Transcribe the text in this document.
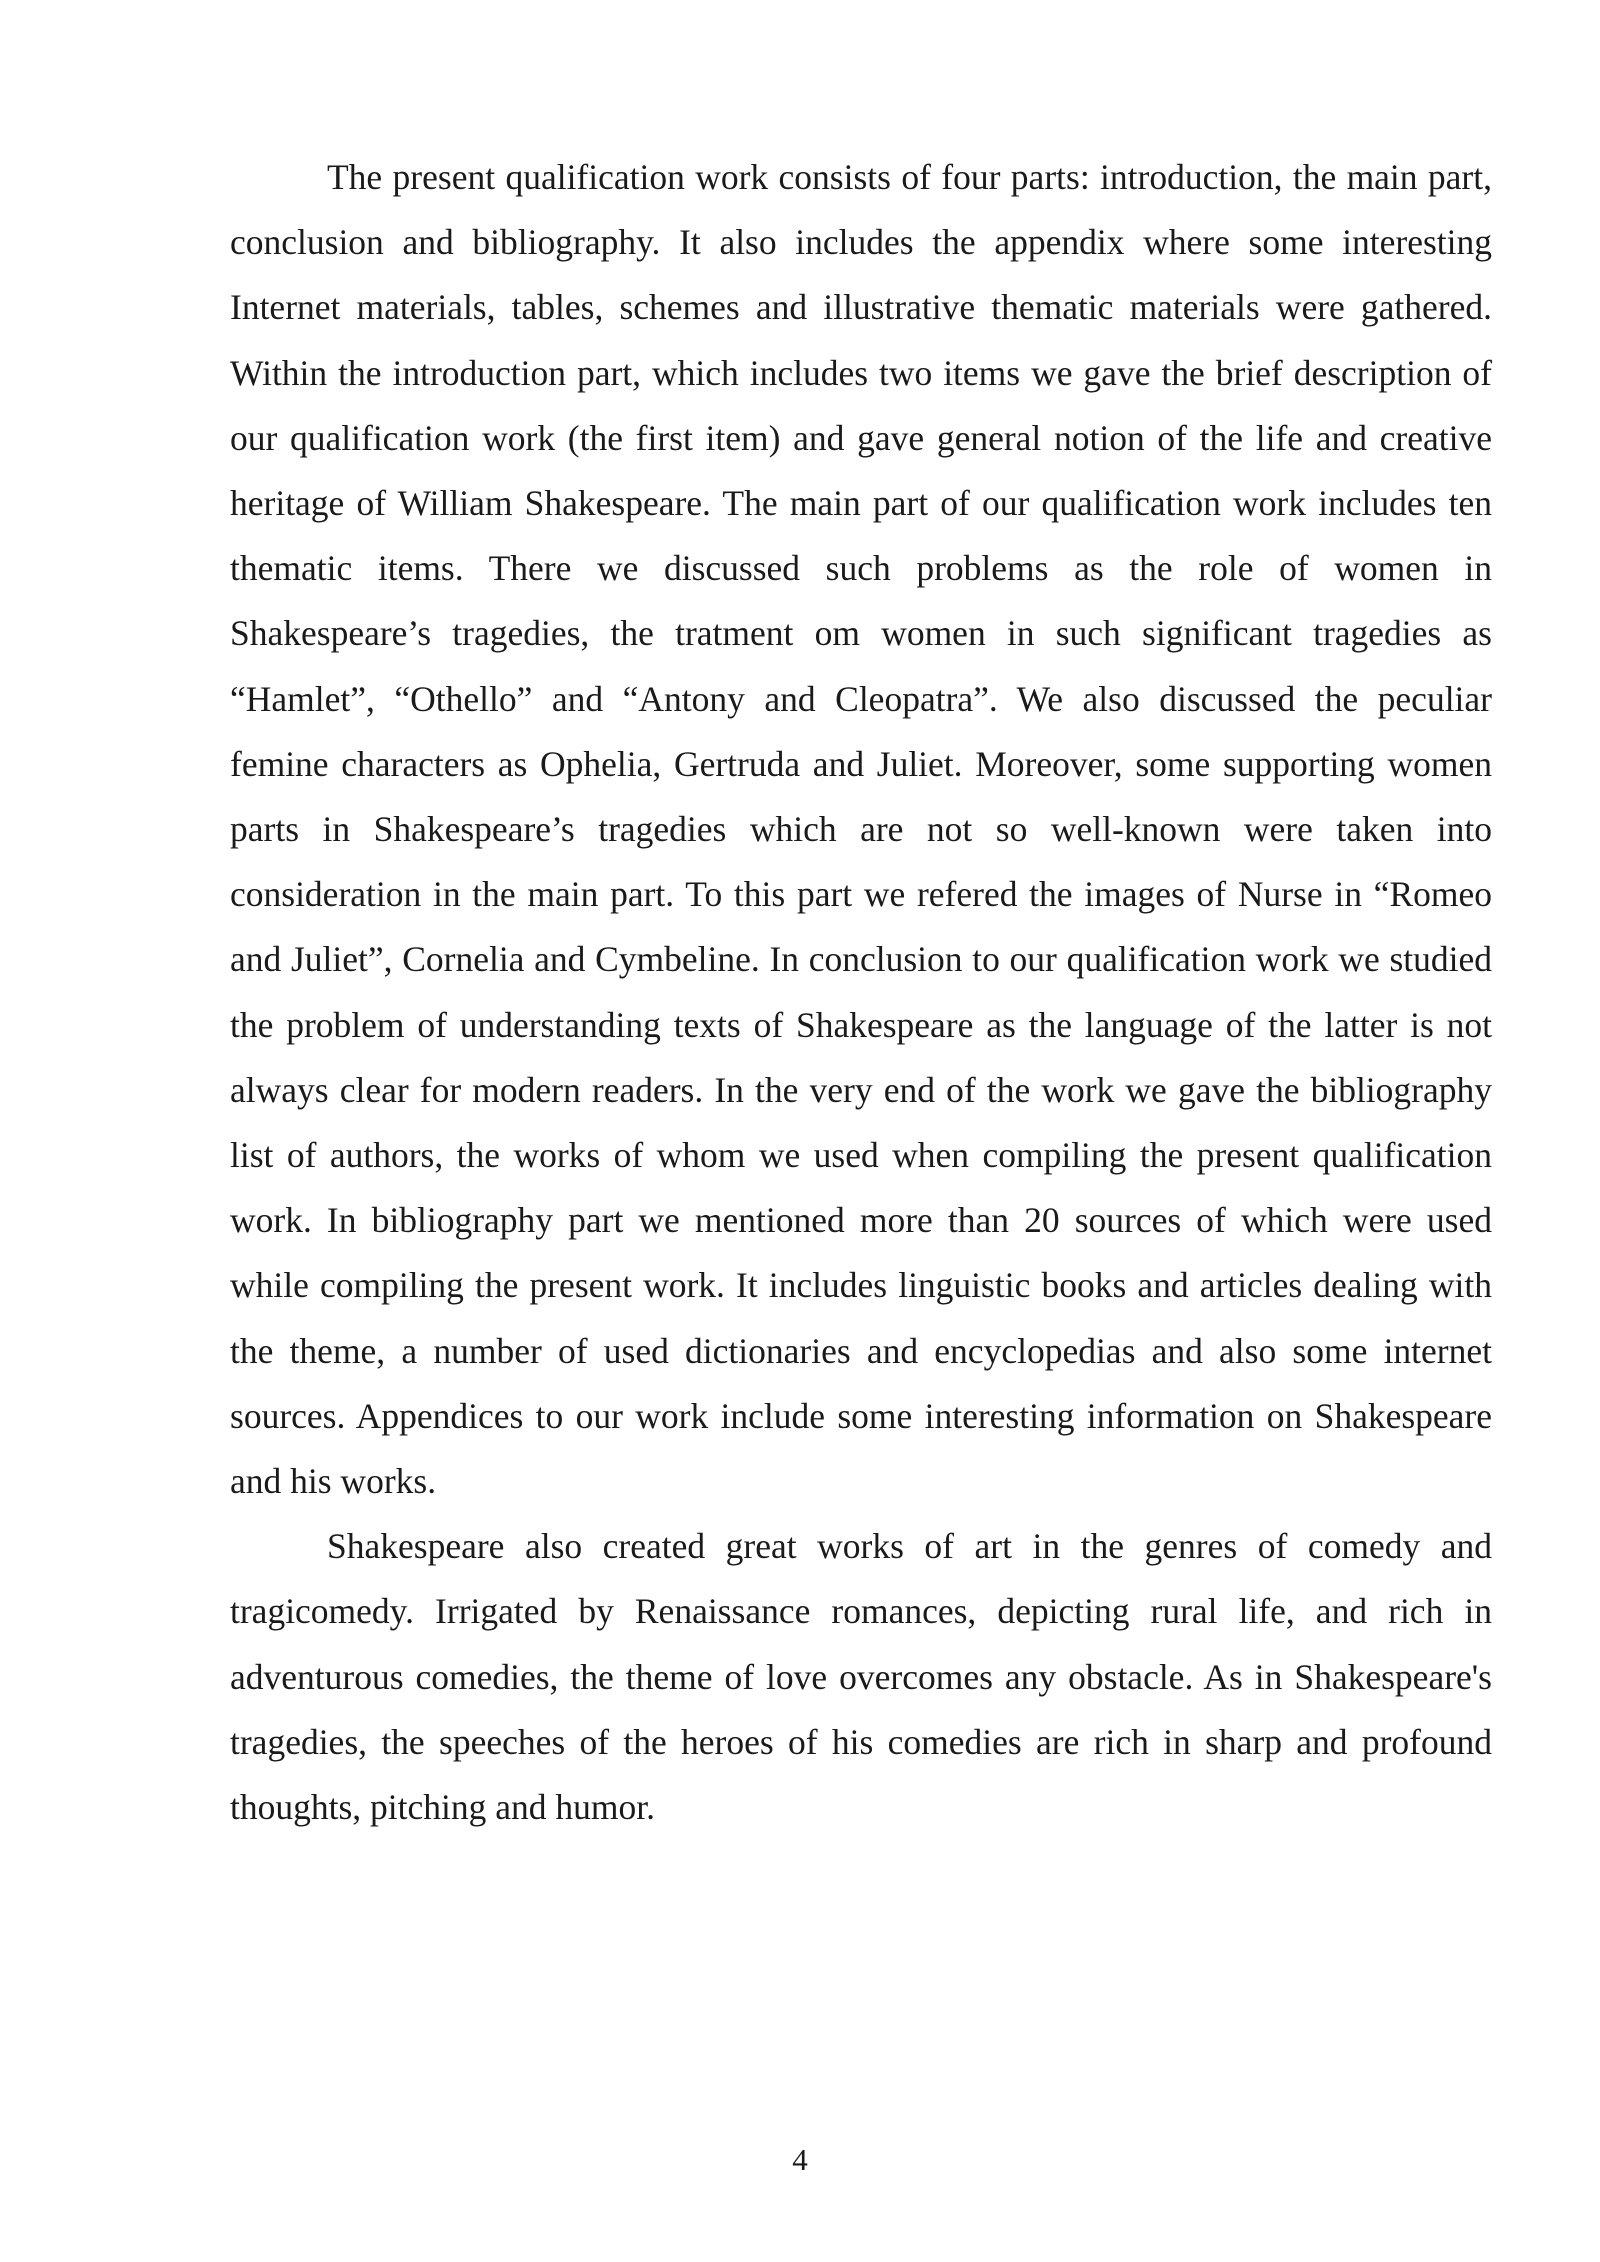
The present qualification work consists of four parts: introduction, the main part, conclusion and bibliography. It also includes the appendix where some interesting Internet materials, tables, schemes and illustrative thematic materials were gathered. Within the introduction part, which includes two items we gave the brief description of our qualification work (the first item) and gave general notion of the life and creative heritage of William Shakespeare. The main part of our qualification work includes ten thematic items. There we discussed such problems as the role of women in Shakespeare’s tragedies, the tratment om women in such significant tragedies as “Hamlet”, “Othello” and “Antony and Cleopatra”. We also discussed the peculiar femine characters as Ophelia, Gertruda and Juliet. Moreover, some supporting women parts in Shakespeare’s tragedies which are not so well-known were taken into consideration in the main part. To this part we refered the images of Nurse in “Romeo and Juliet”, Cornelia and Cymbeline. In conclusion to our qualification work we studied the problem of understanding texts of Shakespeare as the language of the latter is not always clear for modern readers. In the very end of the work we gave the bibliography list of authors, the works of whom we used when compiling the present qualification work. In bibliography part we mentioned more than 20 sources of which were used while compiling the present work. It includes linguistic books and articles dealing with the theme, a number of used dictionaries and encyclopedias and also some internet sources. Appendices to our work include some interesting information on Shakespeare and his works.

Shakespeare also created great works of art in the genres of comedy and tragicomedy. Irrigated by Renaissance romances, depicting rural life, and rich in adventurous comedies, the theme of love overcomes any obstacle. As in Shakespeare's tragedies, the speeches of the heroes of his comedies are rich in sharp and profound thoughts, pitching and humor.

4
